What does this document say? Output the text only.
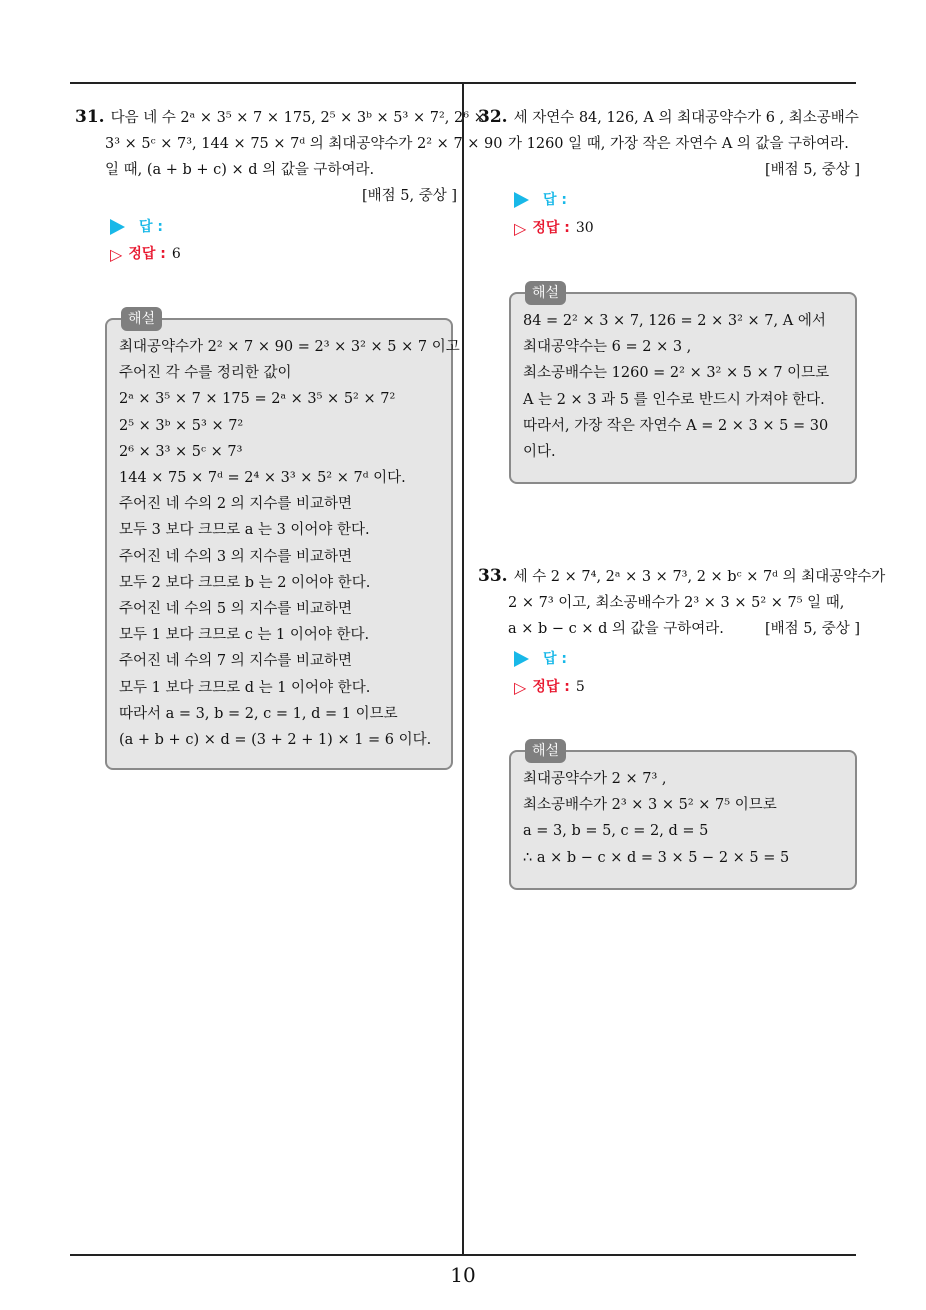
31. 다음 네 수 2ᵃ × 3⁵ × 7 × 175, 2⁵ × 3ᵇ × 5³ × 7², 2⁶ ×
3³ × 5ᶜ × 7³, 144 × 75 × 7ᵈ 의 최대공약수가 2² × 7 × 90
일 때, (a + b + c) × d 의 값을 구하여라.
[배점 5, 중상 ]
답 :
▷ 정답 : 6
해설
최대공약수가 2² × 7 × 90 = 2³ × 3² × 5 × 7 이고
주어진 각 수를 정리한 값이
2ᵃ × 3⁵ × 7 × 175 = 2ᵃ × 3⁵ × 5² × 7²
2⁵ × 3ᵇ × 5³ × 7²
2⁶ × 3³ × 5ᶜ × 7³
144 × 75 × 7ᵈ = 2⁴ × 3³ × 5² × 7ᵈ 이다.
주어진 네 수의 2 의 지수를 비교하면
모두 3 보다 크므로 a 는 3 이어야 한다.
주어진 네 수의 3 의 지수를 비교하면
모두 2 보다 크므로 b 는 2 이어야 한다.
주어진 네 수의 5 의 지수를 비교하면
모두 1 보다 크므로 c 는 1 이어야 한다.
주어진 네 수의 7 의 지수를 비교하면
모두 1 보다 크므로 d 는 1 이어야 한다.
따라서 a = 3, b = 2, c = 1, d = 1 이므로
(a + b + c) × d = (3 + 2 + 1) × 1 = 6 이다.
32. 세 자연수 84, 126, A 의 최대공약수가 6 , 최소공배수
가 1260 일 때, 가장 작은 자연수 A 의 값을 구하여라.
[배점 5, 중상 ]
답 :
▷ 정답 : 30
해설
84 = 2² × 3 × 7, 126 = 2 × 3² × 7, A 에서
최대공약수는 6 = 2 × 3 ,
최소공배수는 1260 = 2² × 3² × 5 × 7 이므로
A 는 2 × 3 과 5 를 인수로 반드시 가져야 한다.
따라서, 가장 작은 자연수 A = 2 × 3 × 5 = 30
이다.
33. 세 수 2 × 7⁴, 2ᵃ × 3 × 7³, 2 × bᶜ × 7ᵈ 의 최대공약수가
2 × 7³ 이고, 최소공배수가 2³ × 3 × 5² × 7⁵ 일 때,
a × b − c × d 의 값을 구하여라.	[배점 5, 중상 ]
답 :
▷ 정답 : 5
해설
최대공약수가 2 × 7³ ,
최소공배수가 2³ × 3 × 5² × 7⁵ 이므로
a = 3, b = 5, c = 2, d = 5
∴ a × b − c × d = 3 × 5 − 2 × 5 = 5
10
